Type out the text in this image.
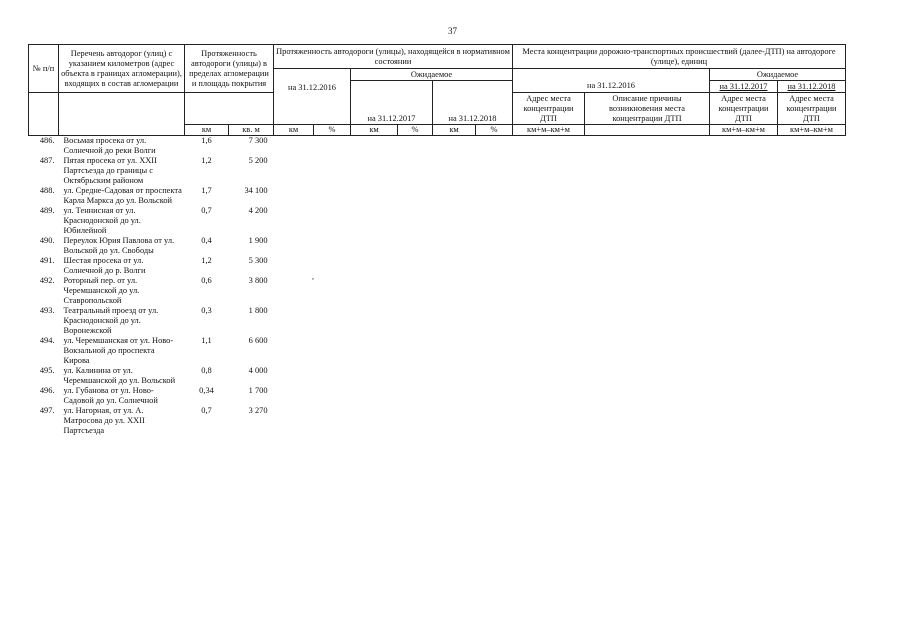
37
№ п/п	Перечень автодорог (улиц) с указанием километров (адрес объекта в границах агломерации), входящих в состав агломерации	Протяженность автодороги (улицы) в пределах агломерации и площадь покрытия		Протяженность автодороги (улицы), находящейся в нормативном состоянии						Места концентрации дорожно-транспортных происшествий (далее-ДТП) на автодороге (улице), единиц			
				на 31.12.2016		Ожидаемое						Ожидаемое	
										на 31.12.2016		на 31.12.2017	на 31.12.2018
						на 31.12.2017		на 31.12.2018		Адрес места концентрации ДТП	Описание причины возникновения места концентрации ДТП	Адрес места концентрации ДТП	Адрес места концентрации ДТП
		км	кв. м	км	%	км	%	км	%	км+м–км+м		км+м–км+м	км+м–км+м
486.	Восьмая просека от ул. Солнечной до реки Волги	1,6	7 300										
487.	Пятая просека от ул. XXII Партсъезда до границы с Октябрьским районом	1,2	5 200										
488.	ул. Средне-Садовая от проспекта Карла Маркса до ул. Вольской	1,7	34 100										
489.	ул. Теннисная от ул. Краснодонской до ул. Юбилейной	0,7	4 200										
490.	Переулок Юрия Павлова от ул. Вольской до ул. Свободы	0,4	1 900										
491.	Шестая просека от ул. Солнечной до р. Волги	1,2	5 300										
492.	Роторный пер. от ул. Черемшанской до ул. Ставропольской	0,6	3 800										
493.	Театральный проезд от ул. Краснодонской до ул. Воронежской	0,3	1 800										
494.	ул. Черемшанская от ул. Ново-Вокзальной до проспекта Кирова	1,1	6 600										
495.	ул. Калинина от ул. Черемшанской до ул. Вольской	0,8	4 000										
496.	ул. Губанова от ул. Ново-Садовой до ул. Солнечной	0,34	1 700										
497.	ул. Нагорная, от ул. А. Матросова до ул. XXII Партсъезда	0,7	3 270										
,
